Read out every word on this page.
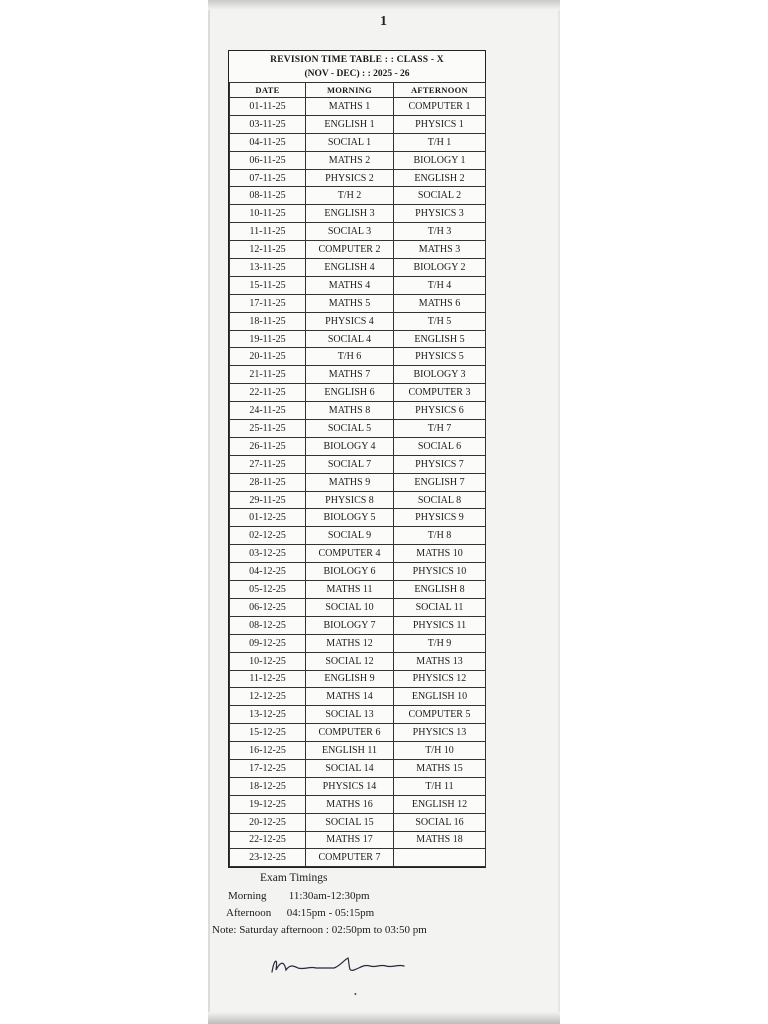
1
REVISION TIME TABLE : : CLASS - X
(NOV - DEC) : : 2025 - 26
DATE	MORNING	AFTERNOON
01-11-25	MATHS 1	COMPUTER 1
03-11-25	ENGLISH 1	PHYSICS 1
04-11-25	SOCIAL 1	T/H 1
06-11-25	MATHS 2	BIOLOGY 1
07-11-25	PHYSICS 2	ENGLISH 2
08-11-25	T/H 2	SOCIAL 2
10-11-25	ENGLISH 3	PHYSICS 3
11-11-25	SOCIAL 3	T/H 3
12-11-25	COMPUTER 2	MATHS 3
13-11-25	ENGLISH 4	BIOLOGY 2
15-11-25	MATHS 4	T/H 4
17-11-25	MATHS 5	MATHS 6
18-11-25	PHYSICS 4	T/H 5
19-11-25	SOCIAL 4	ENGLISH 5
20-11-25	T/H 6	PHYSICS 5
21-11-25	MATHS 7	BIOLOGY 3
22-11-25	ENGLISH 6	COMPUTER 3
24-11-25	MATHS 8	PHYSICS 6
25-11-25	SOCIAL 5	T/H 7
26-11-25	BIOLOGY 4	SOCIAL 6
27-11-25	SOCIAL 7	PHYSICS 7
28-11-25	MATHS 9	ENGLISH 7
29-11-25	PHYSICS 8	SOCIAL 8
01-12-25	BIOLOGY 5	PHYSICS 9
02-12-25	SOCIAL 9	T/H 8
03-12-25	COMPUTER 4	MATHS 10
04-12-25	BIOLOGY 6	PHYSICS 10
05-12-25	MATHS 11	ENGLISH 8
06-12-25	SOCIAL 10	SOCIAL 11
08-12-25	BIOLOGY 7	PHYSICS 11
09-12-25	MATHS 12	T/H 9
10-12-25	SOCIAL 12	MATHS 13
11-12-25	ENGLISH 9	PHYSICS 12
12-12-25	MATHS 14	ENGLISH 10
13-12-25	SOCIAL 13	COMPUTER 5
15-12-25	COMPUTER 6	PHYSICS 13
16-12-25	ENGLISH 11	T/H 10
17-12-25	SOCIAL 14	MATHS 15
18-12-25	PHYSICS 14	T/H 11
19-12-25	MATHS 16	ENGLISH 12
20-12-25	SOCIAL 15	SOCIAL 16
22-12-25	MATHS 17	MATHS 18
23-12-25	COMPUTER 7	
Exam Timings
Morning 11:30am-12:30pm
Afternoon 04:15pm - 05:15pm
Note: Saturday afternoon : 02:50pm to 03:50 pm
•
